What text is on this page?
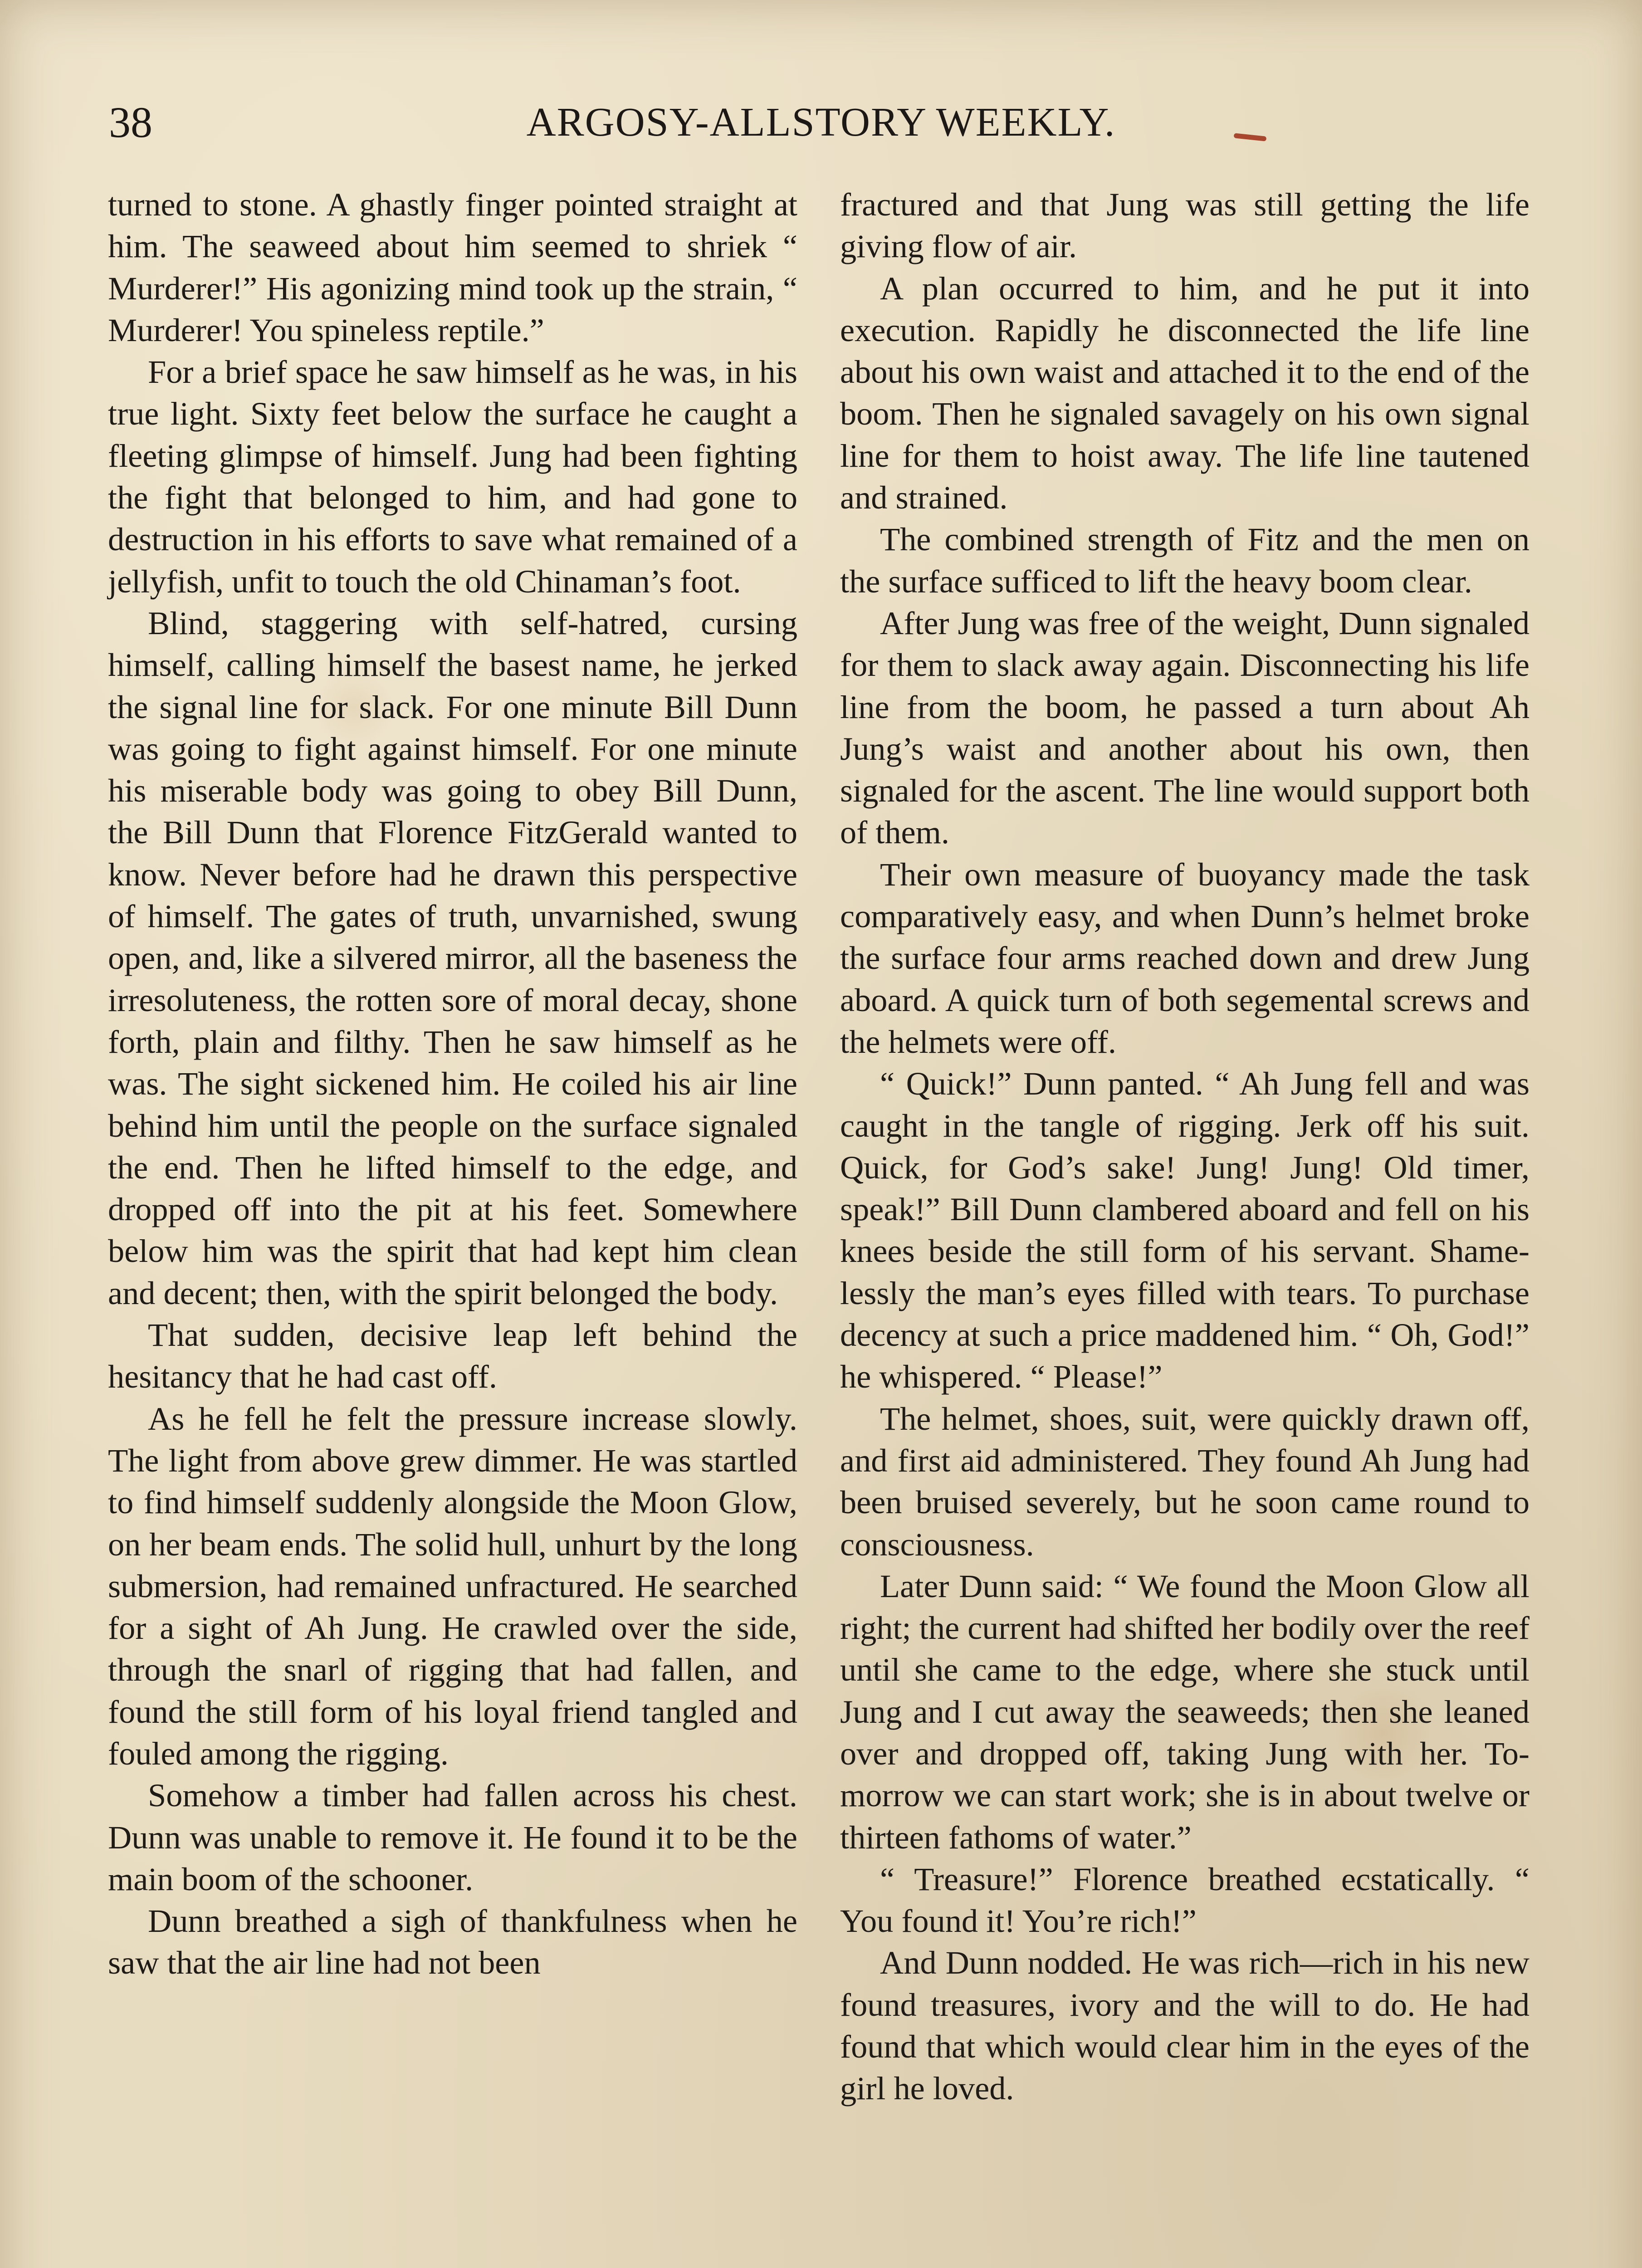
38	ARGOSY-ALLSTORY WEEKLY.

turned to stone. A ghastly finger pointed straight at him. The seaweed about him seemed to shriek “ Murderer!” His agonizing mind took up the strain, “ Murderer! You spineless reptile.”

For a brief space he saw himself as he was, in his true light. Sixty feet below the surface he caught a fleeting glimpse of himself. Jung had been fighting the fight that belonged to him, and had gone to destruction in his efforts to save what remained of a jellyfish, unfit to touch the old Chinaman’s foot.

Blind, staggering with self-hatred, cursing himself, calling himself the basest name, he jerked the signal line for slack. For one minute Bill Dunn was going to fight against himself. For one minute his miserable body was going to obey Bill Dunn, the Bill Dunn that Florence FitzGerald wanted to know. Never before had he drawn this perspective of himself. The gates of truth, unvarnished, swung open, and, like a silvered mirror, all the baseness the irresoluteness, the rotten sore of moral decay, shone forth, plain and filthy. Then he saw himself as he was. The sight sickened him. He coiled his air line behind him until the people on the surface signaled the end. Then he lifted himself to the edge, and dropped off into the pit at his feet. Somewhere below him was the spirit that had kept him clean and decent; then, with the spirit belonged the body.

That sudden, decisive leap left behind the hesitancy that he had cast off.

As he fell he felt the pressure increase slowly. The light from above grew dimmer. He was startled to find himself suddenly alongside the Moon Glow, on her beam ends. The solid hull, unhurt by the long submersion, had remained unfractured. He searched for a sight of Ah Jung. He crawled over the side, through the snarl of rigging that had fallen, and found the still form of his loyal friend tangled and fouled among the rigging.

Somehow a timber had fallen across his chest. Dunn was unable to remove it. He found it to be the main boom of the schooner.

Dunn breathed a sigh of thankfulness when he saw that the air line had not been

fractured and that Jung was still getting the life giving flow of air.

A plan occurred to him, and he put it into execution. Rapidly he disconnected the life line about his own waist and attached it to the end of the boom. Then he signaled savagely on his own signal line for them to hoist away. The life line tautened and strained.

The combined strength of Fitz and the men on the surface sufficed to lift the heavy boom clear.

After Jung was free of the weight, Dunn signaled for them to slack away again. Disconnecting his life line from the boom, he passed a turn about Ah Jung’s waist and another about his own, then signaled for the ascent. The line would support both of them.

Their own measure of buoyancy made the task comparatively easy, and when Dunn’s helmet broke the surface four arms reached down and drew Jung aboard. A quick turn of both segemental screws and the helmets were off.

“ Quick!” Dunn panted. “ Ah Jung fell and was caught in the tangle of rigging. Jerk off his suit. Quick, for God’s sake! Jung! Jung! Old timer, speak!” Bill Dunn clambered aboard and fell on his knees beside the still form of his servant. Shamelessly the man’s eyes filled with tears. To purchase decency at such a price maddened him. “ Oh, God!” he whispered. “ Please!”

The helmet, shoes, suit, were quickly drawn off, and first aid administered. They found Ah Jung had been bruised severely, but he soon came round to consciousness.

Later Dunn said: “ We found the Moon Glow all right; the current had shifted her bodily over the reef until she came to the edge, where she stuck until Jung and I cut away the seaweeds; then she leaned over and dropped off, taking Jung with her. Tomorrow we can start work; she is in about twelve or thirteen fathoms of water.”

“ Treasure!” Florence breathed ecstatically. “ You found it! You’re rich!”

And Dunn nodded. He was rich—rich in his new found treasures, ivory and the will to do. He had found that which would clear him in the eyes of the girl he loved.
